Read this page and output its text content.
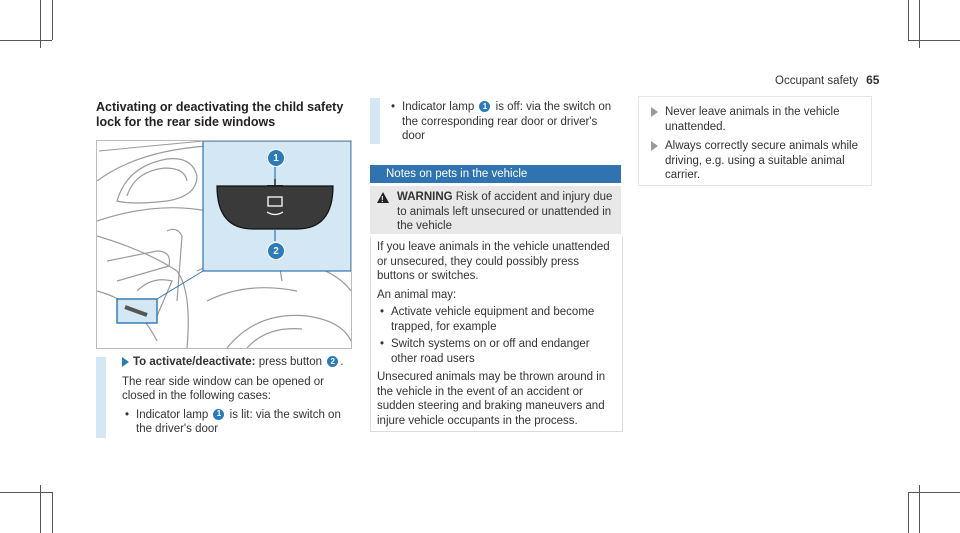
Occupant safety 65

Activating or deactivating the child safety lock for the rear side windows

1
2

To activate/deactivate: press button 2 .

The rear side window can be opened or closed in the following cases:

• Indicator lamp 1 is lit: via the switch on the driver's door

• Indicator lamp 1 is off: via the switch on the corresponding rear door or driver's door

Notes on pets in the vehicle
!

WARNING Risk of accident and injury due to animals left unsecured or unattended in the vehicle

If you leave animals in the vehicle unattended or unsecured, they could possibly press buttons or switches.

An animal may:

• Activate vehicle equipment and become trapped, for example

• Switch systems on or off and endanger other road users

Unsecured animals may be thrown around in the vehicle in the event of an accident or sudden steering and braking maneuvers and injure vehicle occupants in the process.

Never leave animals in the vehicle unattended.

Always correctly secure animals while driving, e.g. using a suitable animal carrier.
